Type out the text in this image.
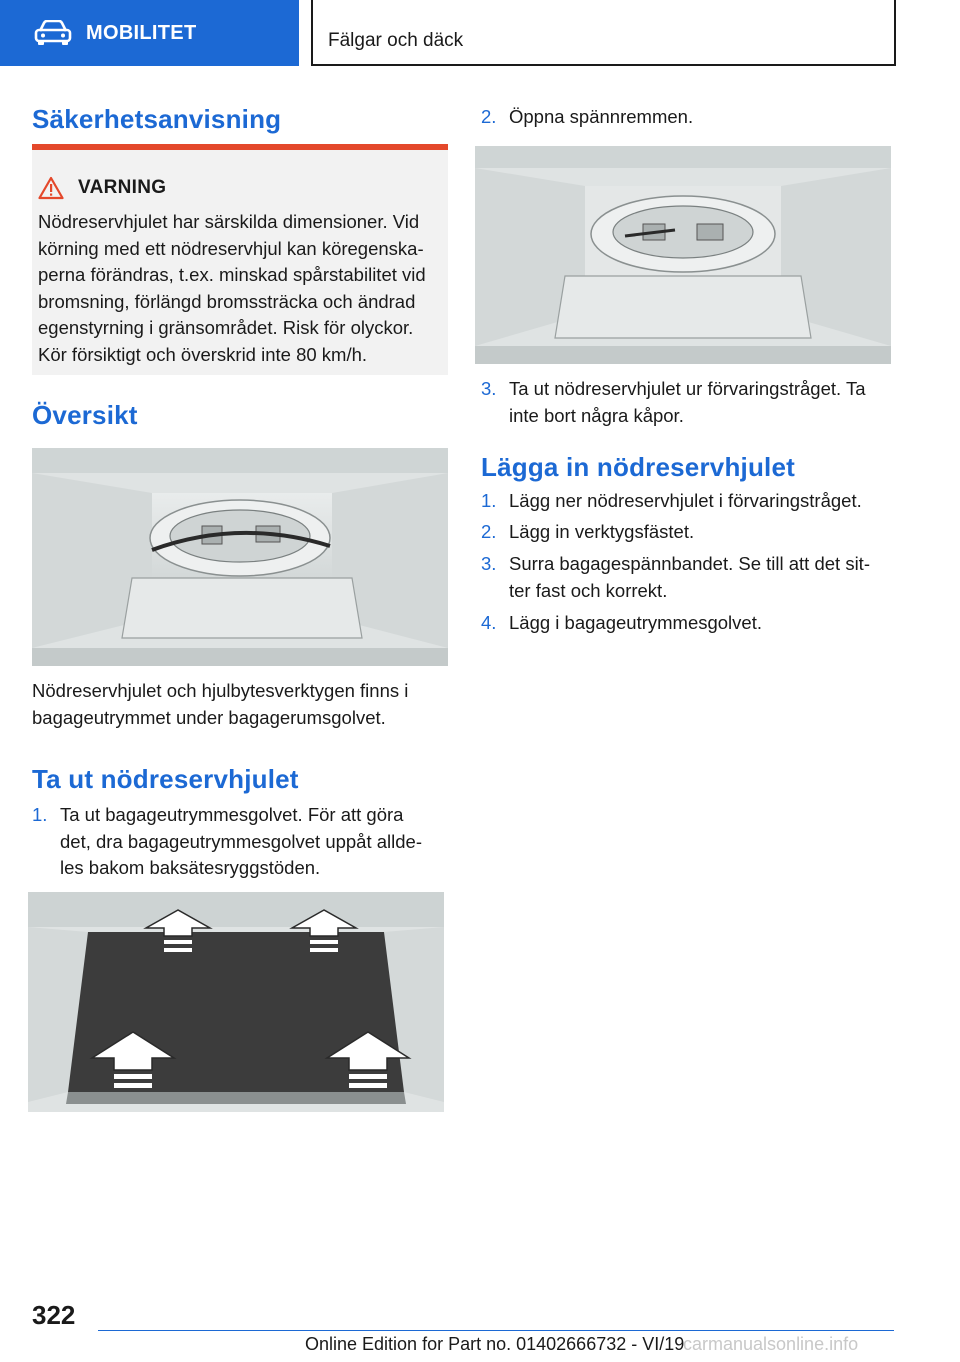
MOBILITET	Fälgar och däck
Säkerhetsanvisning
VARNING
Nödreservhjulet har särskilda dimensioner. Vid
körning med ett nödreservhjul kan köregenska-
perna förändras, t.ex. minskad spårstabilitet vid
bromsning, förlängd bromssträcka och ändrad
egenstyrning i gränsområdet. Risk för olyckor.
Kör försiktigt och överskrid inte 80 km/h.
Översikt
Nödreservhjulet och hjulbytesverktygen finns i
bagageutrymmet under bagagerumsgolvet.
Ta ut nödreservhjulet
1. Ta ut bagageutrymmesgolvet. För att göra
det, dra bagageutrymmesgolvet uppåt allde-
les bakom baksätesryggstöden.
2. Öppna spännremmen.
3. Ta ut nödreservhjulet ur förvaringstråget. Ta
inte bort några kåpor.
Lägga in nödreservhjulet
1. Lägg ner nödreservhjulet i förvaringstråget.
2. Lägg in verktygsfästet.
3. Surra bagagespännbandet. Se till att det sit-
ter fast och korrekt.
4. Lägg i bagageutrymmesgolvet.
322
Online Edition for Part no. 01402666732 - VI/19
carmanualsonline.info
